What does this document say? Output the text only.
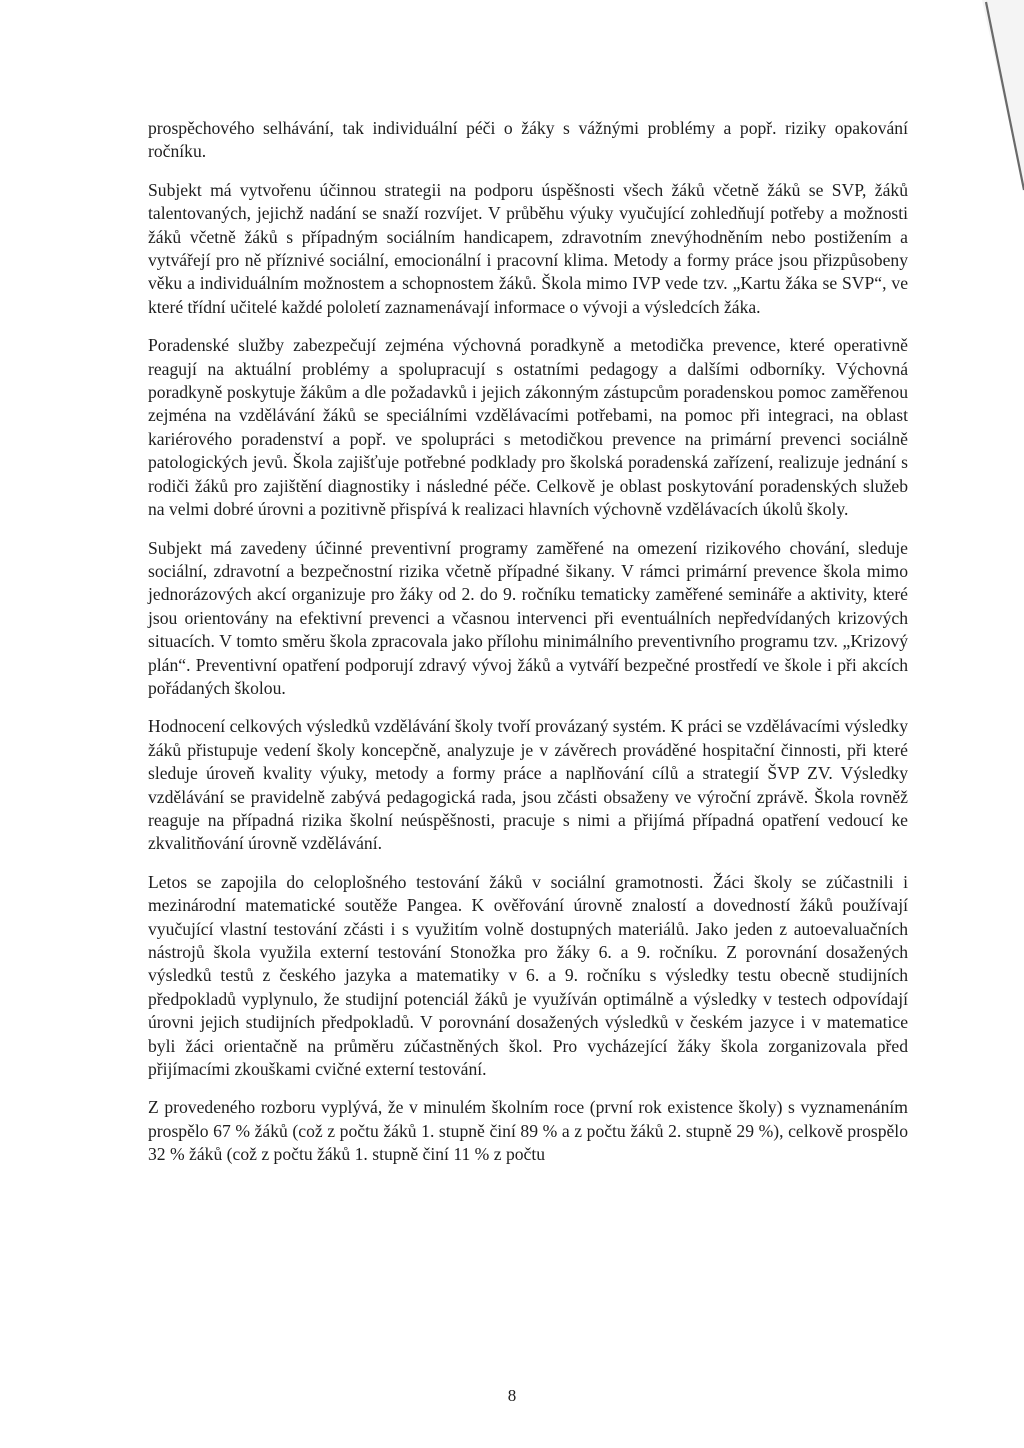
prospěchového selhávání, tak individuální péči o žáky s vážnými problémy a popř. riziky opakování ročníku.

Subjekt má vytvořenu účinnou strategii na podporu úspěšnosti všech žáků včetně žáků se SVP, žáků talentovaných, jejichž nadání se snaží rozvíjet. V průběhu výuky vyučující zohledňují potřeby a možnosti žáků včetně žáků s případným sociálním handicapem, zdravotním znevýhodněním nebo postižením a vytvářejí pro ně příznivé sociální, emocionální i pracovní klima. Metody a formy práce jsou přizpůsobeny věku a individuálním možnostem a schopnostem žáků. Škola mimo IVP vede tzv. „Kartu žáka se SVP“, ve které třídní učitelé každé pololetí zaznamenávají informace o vývoji a výsledcích žáka.

Poradenské služby zabezpečují zejména výchovná poradkyně a metodička prevence, které operativně reagují na aktuální problémy a spolupracují s ostatními pedagogy a dalšími odborníky. Výchovná poradkyně poskytuje žákům a dle požadavků i jejich zákonným zástupcům poradenskou pomoc zaměřenou zejména na vzdělávání žáků se speciálními vzdělávacími potřebami, na pomoc při integraci, na oblast kariérového poradenství a popř. ve spolupráci s metodičkou prevence na primární prevenci sociálně patologických jevů. Škola zajišťuje potřebné podklady pro školská poradenská zařízení, realizuje jednání s rodiči žáků pro zajištění diagnostiky i následné péče. Celkově je oblast poskytování poradenských služeb na velmi dobré úrovni a pozitivně přispívá k realizaci hlavních výchovně vzdělávacích úkolů školy.

Subjekt má zavedeny účinné preventivní programy zaměřené na omezení rizikového chování, sleduje sociální, zdravotní a bezpečnostní rizika včetně případné šikany. V rámci primární prevence škola mimo jednorázových akcí organizuje pro žáky od 2. do 9. ročníku tematicky zaměřené semináře a aktivity, které jsou orientovány na efektivní prevenci a včasnou intervenci při eventuálních nepředvídaných krizových situacích. V tomto směru škola zpracovala jako přílohu minimálního preventivního programu tzv. „Krizový plán“. Preventivní opatření podporují zdravý vývoj žáků a vytváří bezpečné prostředí ve škole i při akcích pořádaných školou.

Hodnocení celkových výsledků vzdělávání školy tvoří provázaný systém. K práci se vzdělávacími výsledky žáků přistupuje vedení školy koncepčně, analyzuje je v závěrech prováděné hospitační činnosti, při které sleduje úroveň kvality výuky, metody a formy práce a naplňování cílů a strategií ŠVP ZV. Výsledky vzdělávání se pravidelně zabývá pedagogická rada, jsou zčásti obsaženy ve výroční zprávě. Škola rovněž reaguje na případná rizika školní neúspěšnosti, pracuje s nimi a přijímá případná opatření vedoucí ke zkvalitňování úrovně vzdělávání.

Letos se zapojila do celoplošného testování žáků v sociální gramotnosti. Žáci školy se zúčastnili i mezinárodní matematické soutěže Pangea. K ověřování úrovně znalostí a dovedností žáků používají vyučující vlastní testování zčásti i s využitím volně dostupných materiálů. Jako jeden z autoevaluačních nástrojů škola využila externí testování Stonožka pro žáky 6. a 9. ročníku. Z porovnání dosažených výsledků testů z českého jazyka a matematiky v 6. a 9. ročníku s výsledky testu obecně studijních předpokladů vyplynulo, že studijní potenciál žáků je využíván optimálně a výsledky v testech odpovídají úrovni jejich studijních předpokladů. V porovnání dosažených výsledků v českém jazyce i v matematice byli žáci orientačně na průměru zúčastněných škol. Pro vycházející žáky škola zorganizovala před přijímacími zkouškami cvičné externí testování.

Z provedeného rozboru vyplývá, že v minulém školním roce (první rok existence školy) s vyznamenáním prospělo 67 % žáků (což z počtu žáků 1. stupně činí 89 % a z počtu žáků 2. stupně 29 %), celkově prospělo 32 % žáků (což z počtu žáků 1. stupně činí 11 % z počtu

8
